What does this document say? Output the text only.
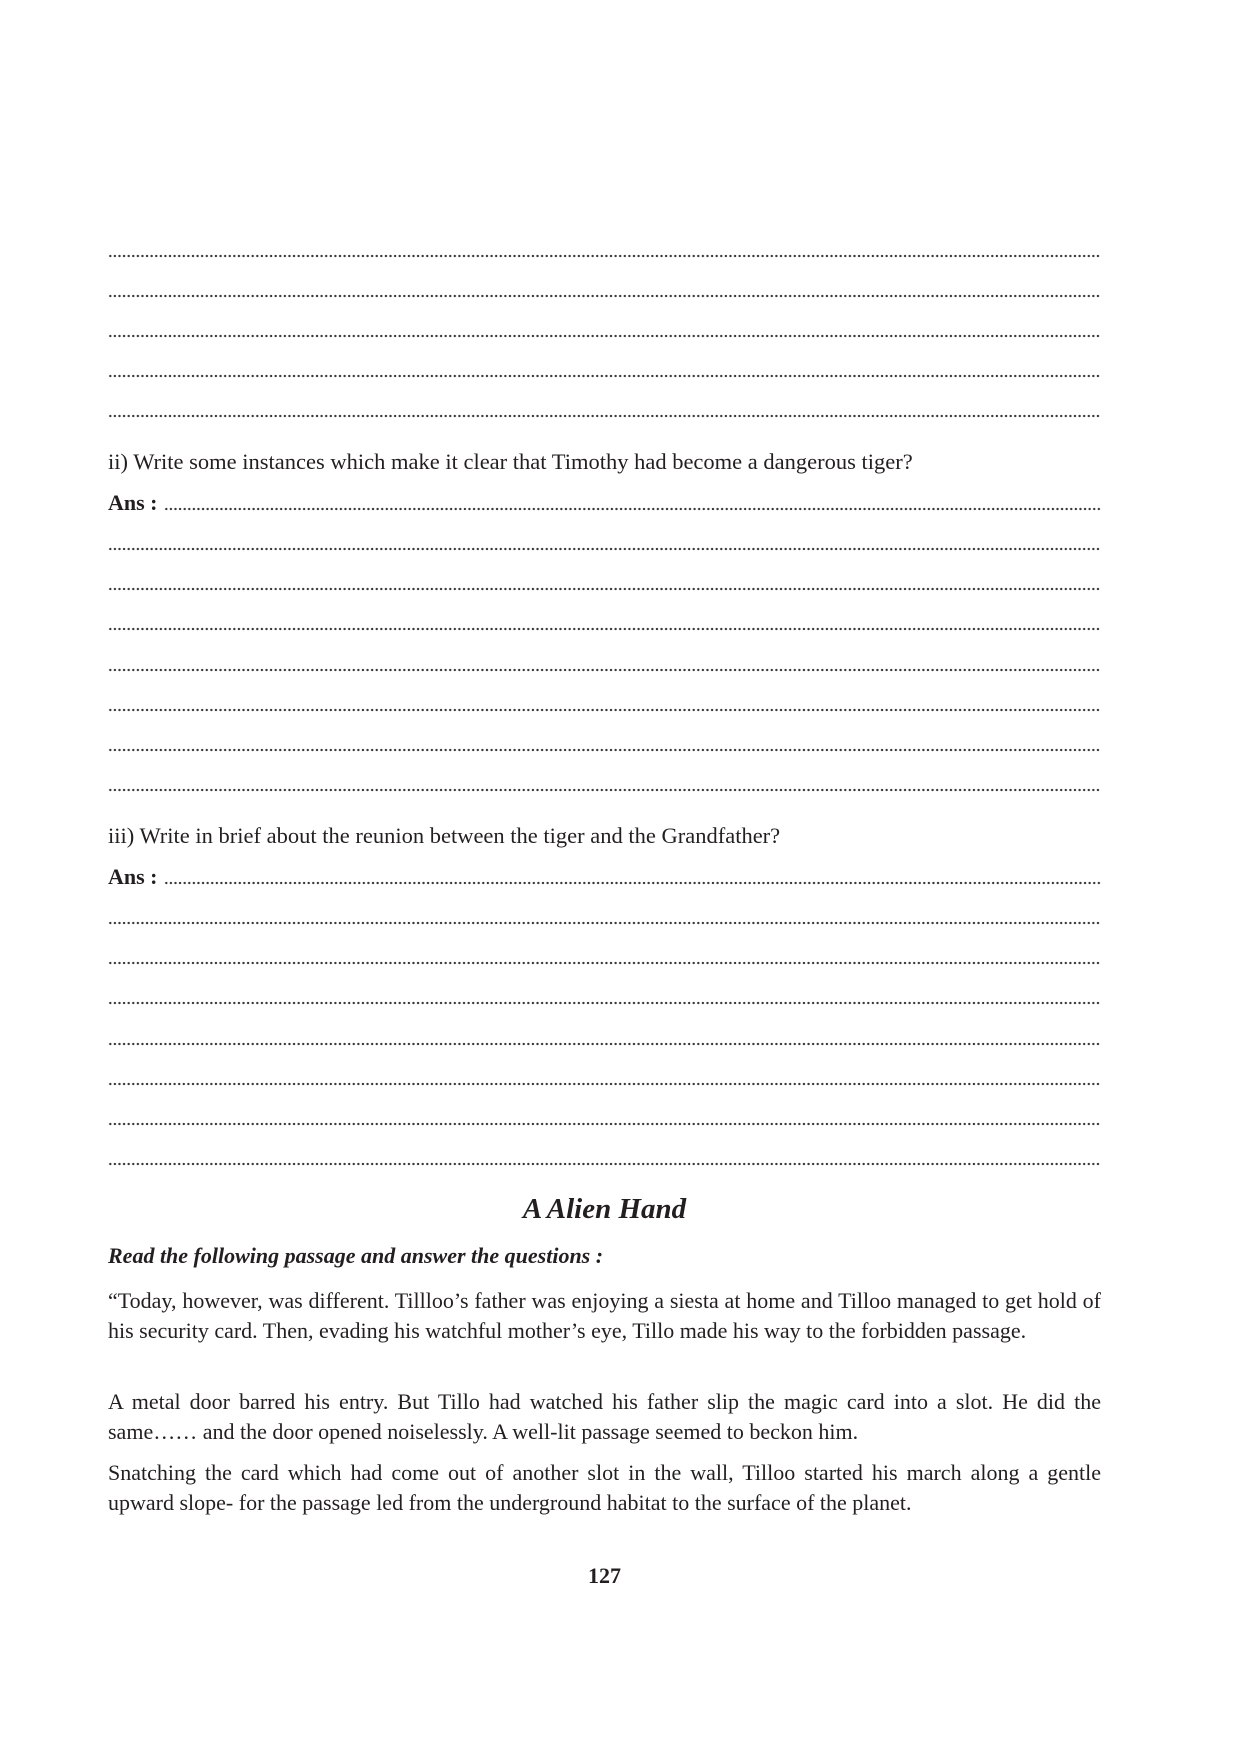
ii) Write some instances which make it clear that Timothy had become a dangerous tiger?
Ans :
iii) Write in brief about the reunion between the tiger and the Grandfather?
Ans :
A Alien Hand
Read the following passage and answer the questions :

“Today, however, was different. Tillloo’s father was enjoying a siesta at home and Tilloo managed to get hold of his security card. Then, evading his watchful mother’s eye, Tillo made his way to the forbidden passage.

A metal door barred his entry. But Tillo had watched his father slip the magic card into a slot. He did the same…… and the door opened noiselessly. A well-lit passage seemed to beckon him.

Snatching the card which had come out of another slot in the wall, Tilloo started his march along a gentle upward slope- for the passage led from the underground habitat to the surface of the planet.

127
